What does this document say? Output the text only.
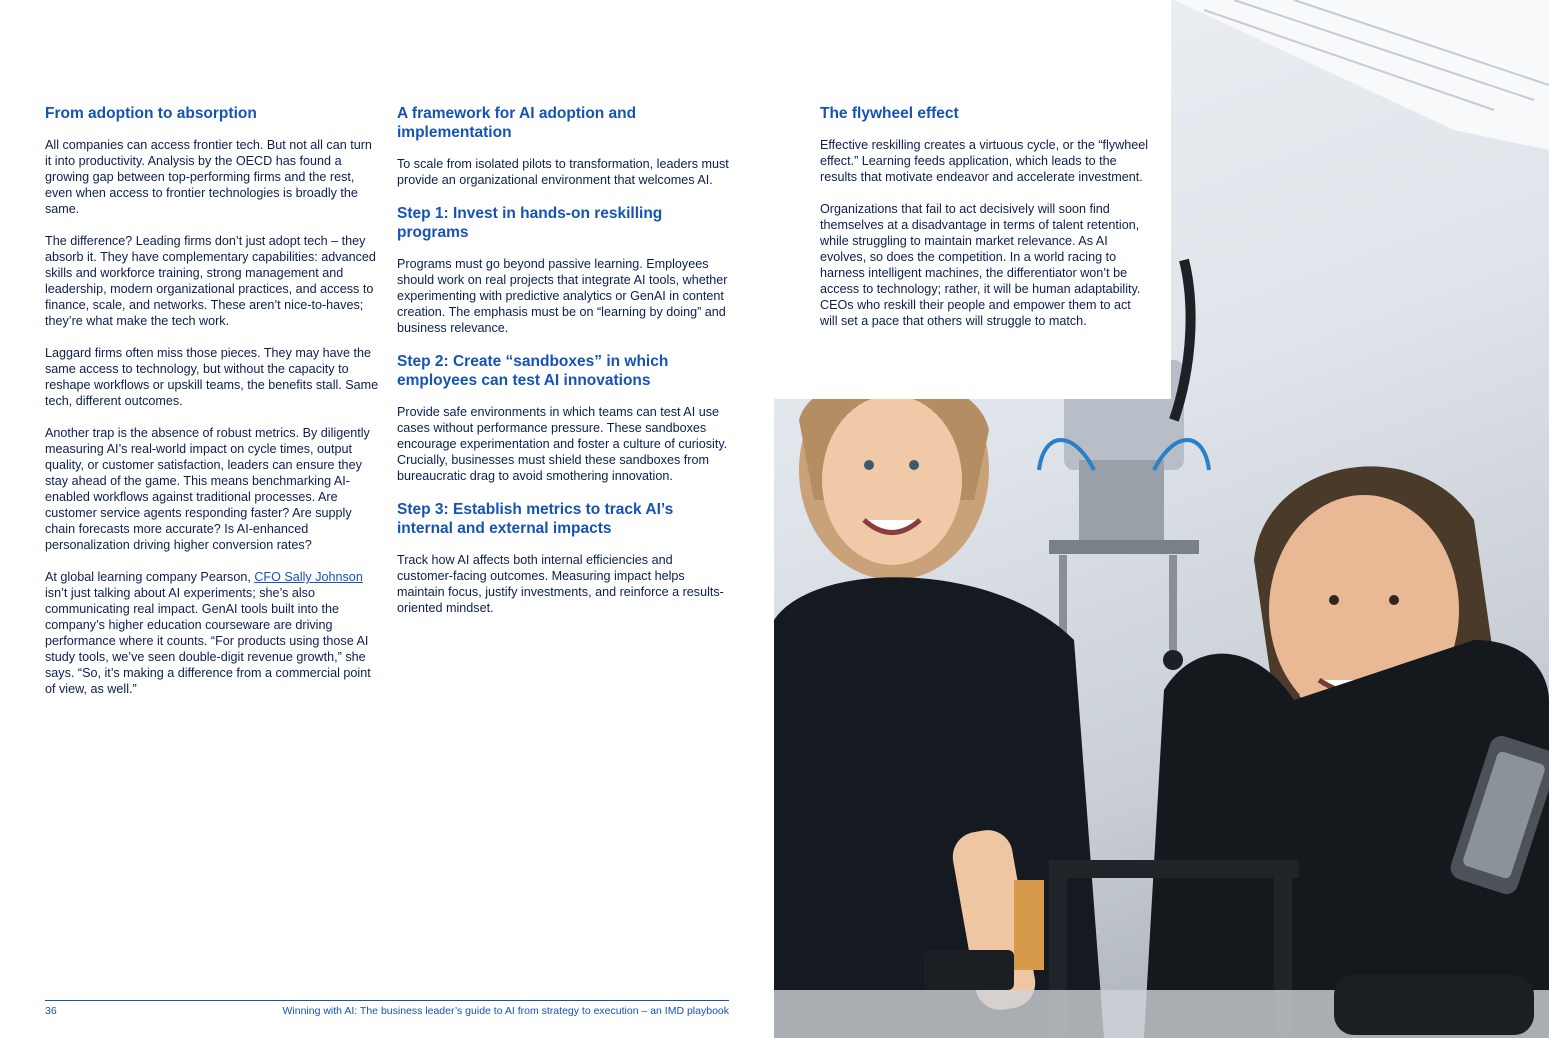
From adoption to absorption

All companies can access frontier tech. But not all can turn it into productivity. Analysis by the OECD has found a growing gap between top-performing firms and the rest, even when access to frontier technologies is broadly the same.

The difference? Leading firms don’t just adopt tech – they absorb it. They have complementary capabilities: advanced skills and workforce training, strong management and leadership, modern organizational practices, and access to finance, scale, and networks. These aren’t nice-to-haves; they’re what make the tech work.

Laggard firms often miss those pieces. They may have the same access to technology, but without the capacity to reshape workflows or upskill teams, the benefits stall. Same tech, different outcomes.

Another trap is the absence of robust metrics. By diligently measuring AI’s real-world impact on cycle times, output quality, or customer satisfaction, leaders can ensure they stay ahead of the game. This means benchmarking AI-enabled workflows against traditional processes. Are customer service agents responding faster? Are supply chain forecasts more accurate? Is AI-enhanced personalization driving higher conversion rates?

At global learning company Pearson, CFO Sally Johnson isn’t just talking about AI experiments; she’s also communicating real impact. GenAI tools built into the company’s higher education courseware are driving performance where it counts. “For products using those AI study tools, we’ve seen double-digit revenue growth,” she says. “So, it’s making a difference from a commercial point of view, as well.”

A framework for AI adoption and implementation

To scale from isolated pilots to transformation, leaders must provide an organizational environment that welcomes AI.

Step 1: Invest in hands-on reskilling programs

Programs must go beyond passive learning. Employees should work on real projects that integrate AI tools, whether experimenting with predictive analytics or GenAI in content creation. The emphasis must be on “learning by doing” and business relevance.

Step 2: Create “sandboxes” in which employees can test AI innovations

Provide safe environments in which teams can test AI use cases without performance pressure. These sandboxes encourage experimentation and foster a culture of curiosity. Crucially, businesses must shield these sandboxes from bureaucratic drag to avoid smothering innovation.

Step 3: Establish metrics to track AI’s internal and external impacts

Track how AI affects both internal efficiencies and customer-facing outcomes. Measuring impact helps maintain focus, justify investments, and reinforce a results-oriented mindset.

The flywheel effect

Effective reskilling creates a virtuous cycle, or the “flywheel effect.” Learning feeds application, which leads to the results that motivate endeavor and accelerate investment.

Organizations that fail to act decisively will soon find themselves at a disadvantage in terms of talent retention, while struggling to maintain market relevance. As AI evolves, so does the competition. In a world racing to harness intelligent machines, the differentiator won’t be access to technology; rather, it will be human adaptability. CEOs who reskill their people and empower them to act will set a pace that others will struggle to match.

36	Winning with AI: The business leader’s guide to AI from strategy to execution – an IMD playbook
